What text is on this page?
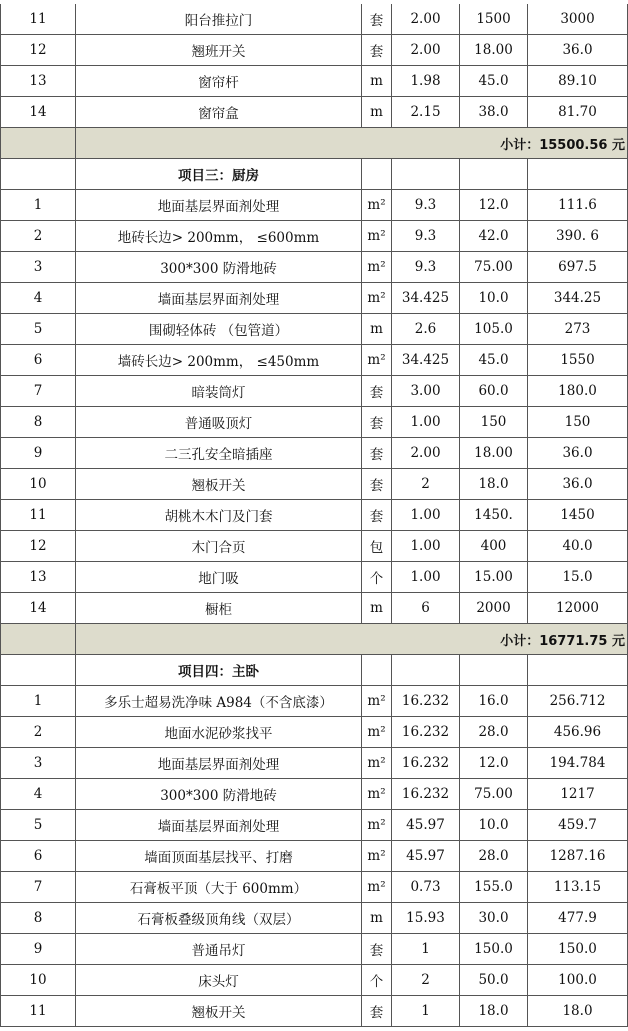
11	阳台推拉门	套	2.00	1500	3000
12	翘班开关	套	2.00	18.00	36.0
13	窗帘杆	m	1.98	45.0	89.10
14	窗帘盒	m	2.15	38.0	81.70
小计：15500.56 元
项目三：厨房
1	地面基层界面剂处理	m²	9.3	12.0	111.6
2	地砖长边> 200mm， ≤600mm	m²	9.3	42.0	390. 6
3	300*300 防滑地砖	m²	9.3	75.00	697.5
4	墙面基层界面剂处理	m²	34.425	10.0	344.25
5	围砌轻体砖 （包管道）	m	2.6	105.0	273
6	墙砖长边> 200mm， ≤450mm	m²	34.425	45.0	1550
7	暗装筒灯	套	3.00	60.0	180.0
8	普通吸顶灯	套	1.00	150	150
9	二三孔安全暗插座	套	2.00	18.00	36.0
10	翘板开关	套	2	18.0	36.0
11	胡桃木木门及门套	套	1.00	1450.	1450
12	木门合页	包	1.00	400	40.0
13	地门吸	个	1.00	15.00	15.0
14	橱柜	m	6	2000	12000
小计：16771.75 元
项目四：主卧
1	多乐士超易洗净味 A984（不含底漆）	m²	16.232	16.0	256.712
2	地面水泥砂浆找平	m²	16.232	28.0	456.96
3	地面基层界面剂处理	m²	16.232	12.0	194.784
4	300*300 防滑地砖	m²	16.232	75.00	1217
5	墙面基层界面剂处理	m²	45.97	10.0	459.7
6	墙面顶面基层找平、打磨	m²	45.97	28.0	1287.16
7	石膏板平顶（大于 600mm）	m²	0.73	155.0	113.15
8	石膏板叠级顶角线（双层）	m	15.93	30.0	477.9
9	普通吊灯	套	1	150.0	150.0
10	床头灯	个	2	50.0	100.0
11	翘板开关	套	1	18.0	18.0
